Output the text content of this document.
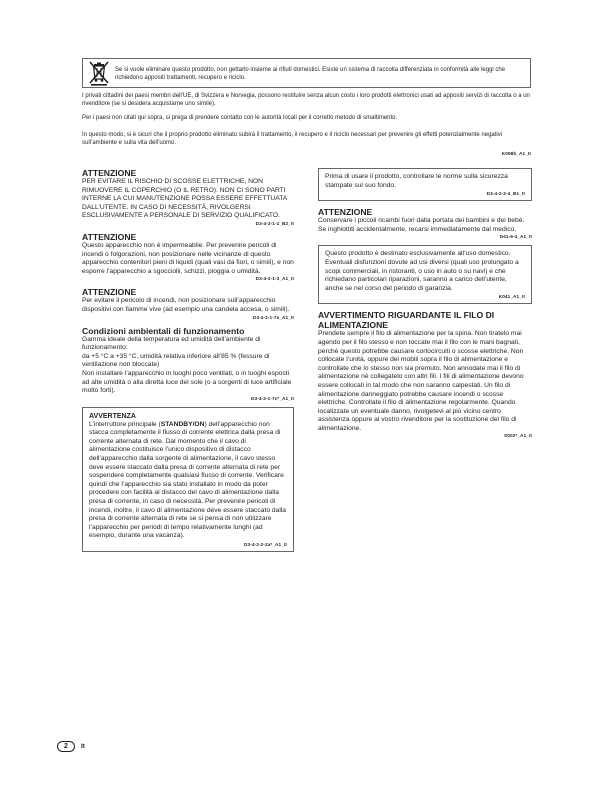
Se si vuole eliminare questo prodotto, non gettarlo insieme ai rifiuti domestici. Esiste un sistema di raccolta differenziata in conformità alle leggi che richiedono appositi trattamenti, recupero e riciclo.
I privati cittadini dei paesi membri dell’UE, di Svizzera e Norvegia, possono restituire senza alcun costo i loro prodotti elettronici usati ad appositi servizi di raccolta o a un rivenditore (se si desidera acquistarne uno simile).
Per i paesi non citati qui sopra, si prega di prendere contatto con le autorità locali per il corretto metodo di smaltimento.
In questo modo, si è sicuri che il proprio prodotto eliminato subirà il trattamento, il recupero e il riciclo necessari per prevenire gli effetti potenzialmente negativi sull’ambiente e sulla vita dell’uomo.
K058b_A1_It
ATTENZIONE
PER EVITARE IL RISCHIO DI SCOSSE ELETTRICHE, NON RIMUOVERE IL COPERCHIO (O IL RETRO). NON CI SONO PARTI INTERNE LA CUI MANUTENZIONE POSSA ESSERE EFFETTUATA DALL’UTENTE. IN CASO DI NECESSITÀ, RIVOLGERSI ESCLUSIVAMENTE A PERSONALE DI SERVIZIO QUALIFICATO.
D3-4-2-1-1_B2_It
ATTENZIONE
Questo apparecchio non è impermeabile. Per prevenire pericoli di incendi o folgorazioni, non posizionare nelle vicinanze di questo apparecchio contenitori pieni di liquidi (quali vasi da fiori, o simili), e non esporre l’apparecchio a sgocciolii, schizzi, pioggia o umidità.
D3-4-2-1-3_A1_It
ATTENZIONE
Per evitare il pericolo di incendi, non posizionare sull’apparecchio dispositivi con fiamme vive (ad esempio una candela accesa, o simili).
D3-4-2-1-7a_A1_It
Condizioni ambientali di funzionamento
Gamma ideale della temperatura ed umidità dell’ambiente di funzionamento:
da +5 °C a +35 °C, umidità relativa inferiore all’85 % (fessure di ventilazione non bloccate)
Non installare l’apparecchio in luoghi poco ventilati, o in luoghi esposti ad alte umidità o alla diretta luce del sole (o a sorgenti di luce artificiale molto forti).
D3-4-2-1-7c*_A1_It
AVVERTENZA
L’interruttore principale (STANDBY/ON) dell’apparecchio non stacca completamente il flusso di corrente elettrica dalla presa di corrente alternata di rete. Dal momento che il cavo di alimentazione costituisce l’unico dispositivo di distacco dell’apparecchio dalla sorgente di alimentazione, il cavo stesso deve essere staccato dalla presa di corrente alternata di rete per sospendere completamente qualsiasi flusso di corrente. Verificare quindi che l’apparecchio sia stato installato in modo da poter procedere con facilità al distacco del cavo di alimentazione dalla presa di corrente, in caso di necessità. Per prevenire pericoli di incendi, inoltre, il cavo di alimentazione deve essere staccato dalla presa di corrente alternata di rete se si pensa di non utilizzare l’apparecchio per periodi di tempo relativamente lunghi (ad esempio, durante una vacanza).
D3-4-2-2-2a*_A1_It
Prima di usare il prodotto, controllare le norme sulla sicurezza stampate sul suo fondo.
D3-4-2-2-4_B1_It
ATTENZIONE
Conservare i piccoli ricambi fuori dalla portata dei bambini e dei bebè. Se inghiottiti accidentalmente, recarsi immediatamente dal medico.
D41-6-4_A1_It
Questo prodotto è destinato esclusivamente all’uso domestico. Eventuali disfunzioni dovute ad usi diversi (quali uso prolungato a scopi commerciali, in ristoranti, o uso in auto o su navi) e che richiedano particolari riparazioni, saranno a carico dell’utente, anche se nel corso del periodo di garanzia.
K041_A1_It
AVVERTIMENTO RIGUARDANTE IL FILO DI ALIMENTAZIONE
Prendete sempre il filo di alimentazione per la spina. Non tiratelo mai agendo per il filo stesso e non toccate mai il filo con le mani bagnati, perchè questo potrebbe causare cortocircuiti o scosse elettriche. Non collocate l’unità, oppure dei mobili sopra il filo di alimentazione e controllate che lo stesso non sia premuto. Non annodate mai il filo di alimentazione nè collegatelo con altri fili. I fili di alimentazione devono essere collocati in tal modo che non saranno calpestati. Un filo di alimentazione danneggiato potrebbe causare incendi o scosse elettriche. Controllate il filo di alimentazione regolarmente. Quando localizzate un eventuale danno, rivolgetevi al più vicino centro assistenza oppure al vostro rivenditore per la sostituzione del filo di alimentazione.
S002*_A1_It
2	It
